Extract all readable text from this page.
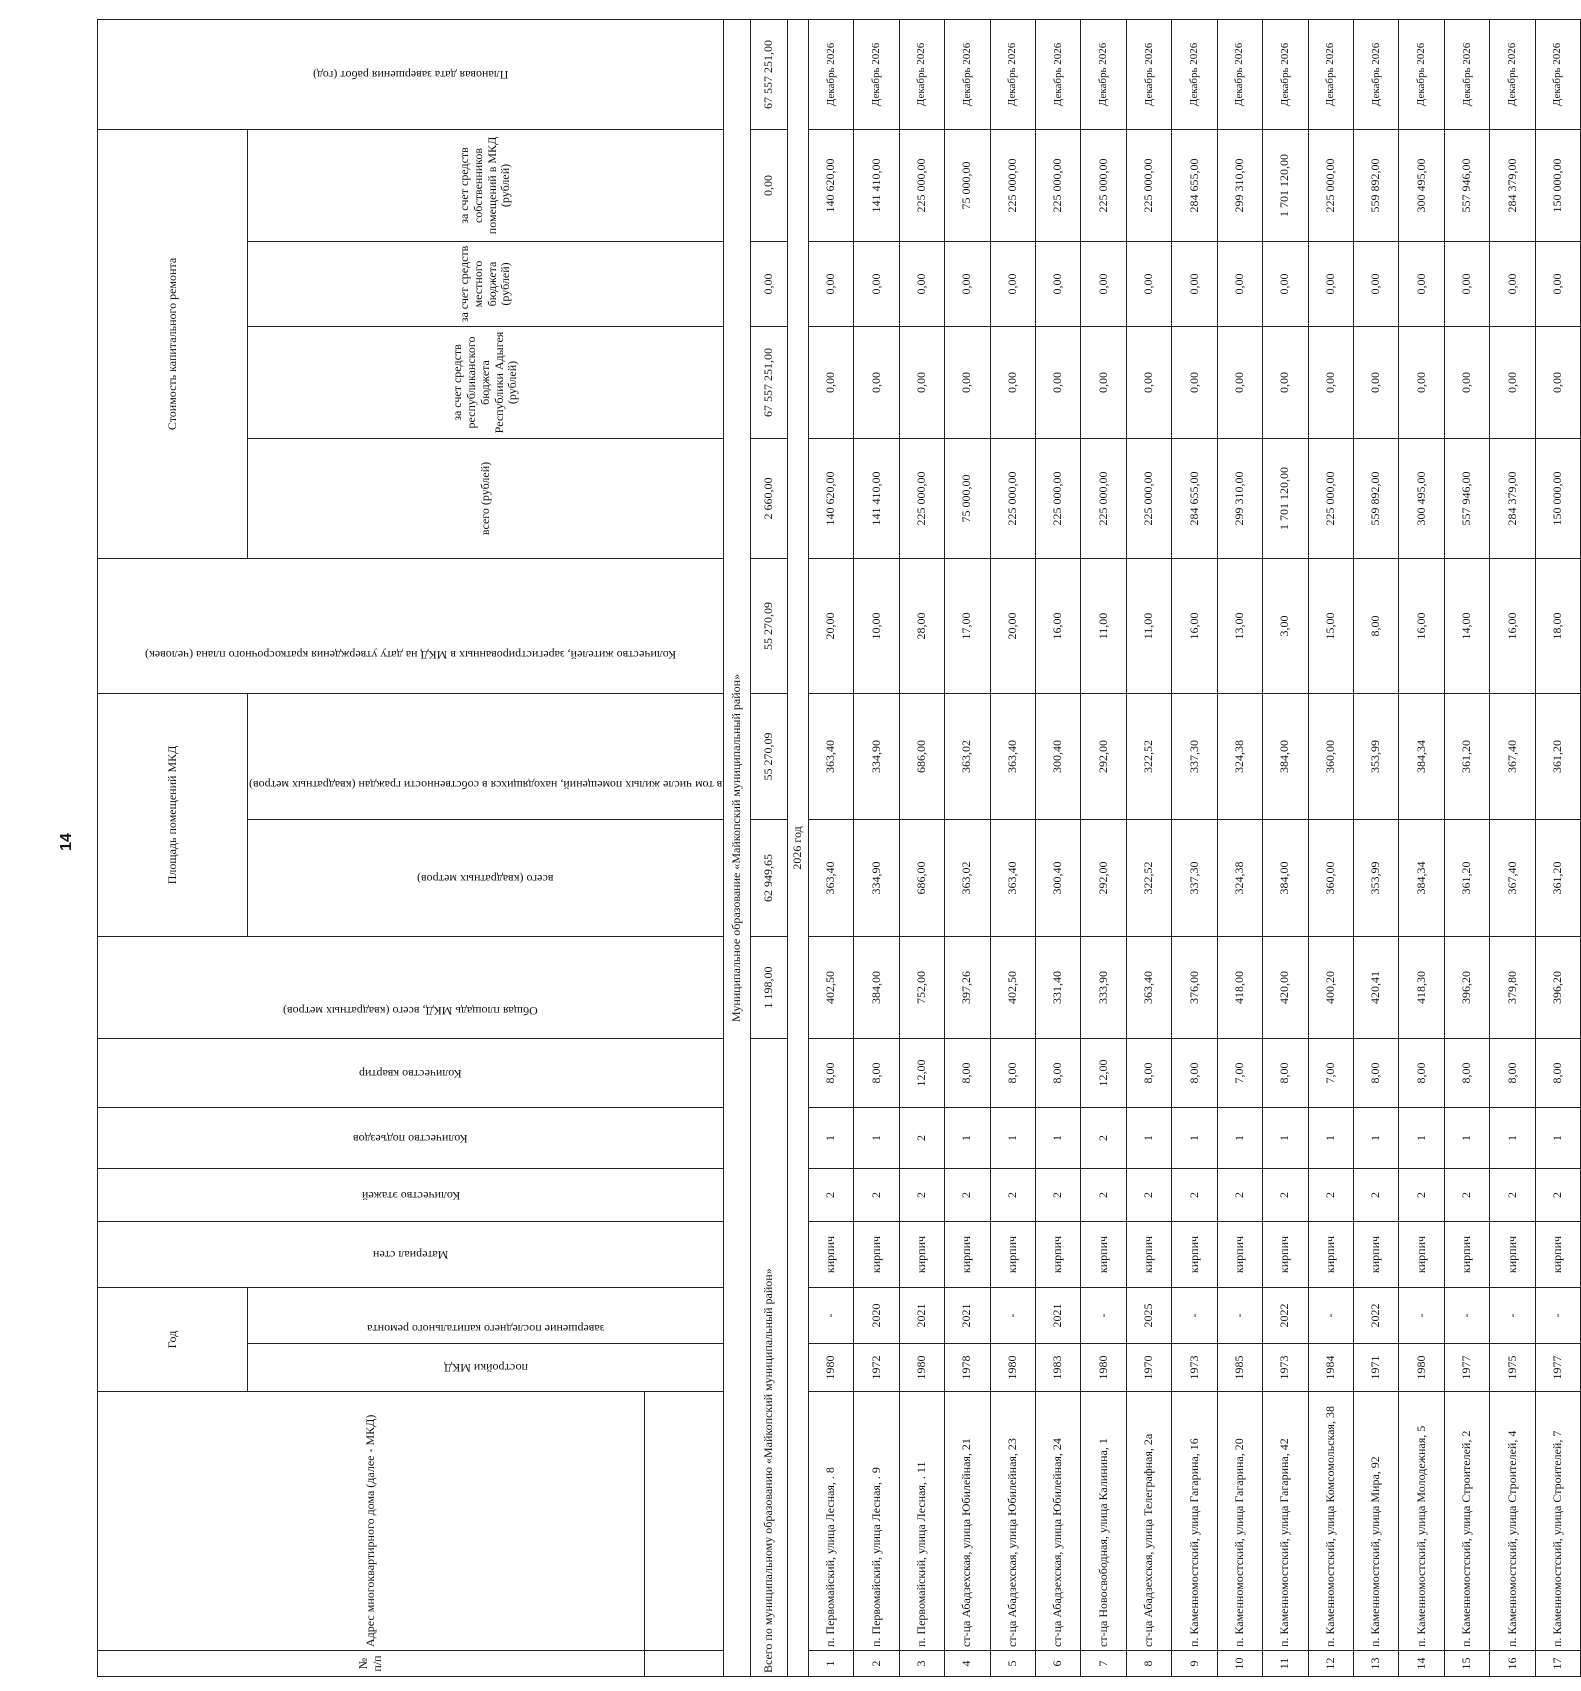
14
№ п/п	Адрес многоквартирного дома (далее - МКД)	Год		Материал стен	Количество этажей	Количество подъездов	Количество квартир	Общая площадь МКД, всего (квадратных метров)	Площадь помещений МКД		Количество жителей, зарегистрированных в МКД на дату утверждения краткосрочного плана (человек)	Стоимость капитального ремонта				Плановая дата завершения работ (год)	

		постройки МКД	завершение последнего капитального ремонта						всего (квадратных метров)	в том числе жилых помещений, находящихся в собственности граждан (квадратных метров)		всего (рублей)	за счет средств республиканского бюджета Республики Адыгея (рублей)	за счет средств местного бюджета (рублей)	за счет средств собственников помещений в МКД (рублей)		

Муниципальное образование «Майкопский муниципальный район»																	
Всего по муниципальному образованию «Майкопский муниципальный район»								1 198,00	62 949,65	55 270,09	55 270,09	2 660,00	67 557 251,00	0,00	0,00	67 557 251,00	
2026 год																	
1	п. Первомайский, улица Лесная, . 8	1980	-	кирпич	2	1	8,00	402,50	363,40	363,40	20,00	140 620,00	0,00	0,00	140 620,00	Декабрь 2026	
2	п. Первомайский, улица Лесная, . 9	1972	2020	кирпич	2	1	8,00	384,00	334,90	334,90	10,00	141 410,00	0,00	0,00	141 410,00	Декабрь 2026	
3	п. Первомайский, улица Лесная, . 11	1980	2021	кирпич	2	2	12,00	752,00	686,00	686,00	28,00	225 000,00	0,00	0,00	225 000,00	Декабрь 2026	
4	ст-ца Абадзехская, улица Юбилейная, 21	1978	2021	кирпич	2	1	8,00	397,26	363,02	363,02	17,00	75 000,00	0,00	0,00	75 000,00	Декабрь 2026	
5	ст-ца Абадзехская, улица Юбилейная, 23	1980	-	кирпич	2	1	8,00	402,50	363,40	363,40	20,00	225 000,00	0,00	0,00	225 000,00	Декабрь 2026	
6	ст-ца Абадзехская, улица Юбилейная, 24	1983	2021	кирпич	2	1	8,00	331,40	300,40	300,40	16,00	225 000,00	0,00	0,00	225 000,00	Декабрь 2026	
7	ст-ца Новосвободная, улица Калинина, 1	1980	-	кирпич	2	2	12,00	333,90	292,00	292,00	11,00	225 000,00	0,00	0,00	225 000,00	Декабрь 2026	
8	ст-ца Абадзехская, улица Телеграфная, 2а	1970	2025	кирпич	2	1	8,00	363,40	322,52	322,52	11,00	225 000,00	0,00	0,00	225 000,00	Декабрь 2026	
9	п. Каменномостский, улица Гагарина, 16	1973	-	кирпич	2	1	8,00	376,00	337,30	337,30	16,00	284 655,00	0,00	0,00	284 655,00	Декабрь 2026	
10	п. Каменномостский, улица Гагарина, 20	1985	-	кирпич	2	1	7,00	418,00	324,38	324,38	13,00	299 310,00	0,00	0,00	299 310,00	Декабрь 2026	
11	п. Каменномостский, улица Гагарина, 42	1973	2022	кирпич	2	1	8,00	420,00	384,00	384,00	3,00	1 701 120,00	0,00	0,00	1 701 120,00	Декабрь 2026	
12	п. Каменномостский, улица Комсомольская, 38	1984	-	кирпич	2	1	7,00	400,20	360,00	360,00	15,00	225 000,00	0,00	0,00	225 000,00	Декабрь 2026	
13	п. Каменномостский, улица Мира, 92	1971	2022	кирпич	2	1	8,00	420,41	353,99	353,99	8,00	559 892,00	0,00	0,00	559 892,00	Декабрь 2026	
14	п. Каменномостский, улица Молодежная, 5	1980	-	кирпич	2	1	8,00	418,30	384,34	384,34	16,00	300 495,00	0,00	0,00	300 495,00	Декабрь 2026	
15	п. Каменномостский, улица Строителей, 2	1977	-	кирпич	2	1	8,00	396,20	361,20	361,20	14,00	557 946,00	0,00	0,00	557 946,00	Декабрь 2026	
16	п. Каменномостский, улица Строителей, 4	1975	-	кирпич	2	1	8,00	379,80	367,40	367,40	16,00	284 379,00	0,00	0,00	284 379,00	Декабрь 2026	
17	п. Каменномостский, улица Строителей, 7	1977	-	кирпич	2	1	8,00	396,20	361,20	361,20	18,00	150 000,00	0,00	0,00	150 000,00	Декабрь 2026	
